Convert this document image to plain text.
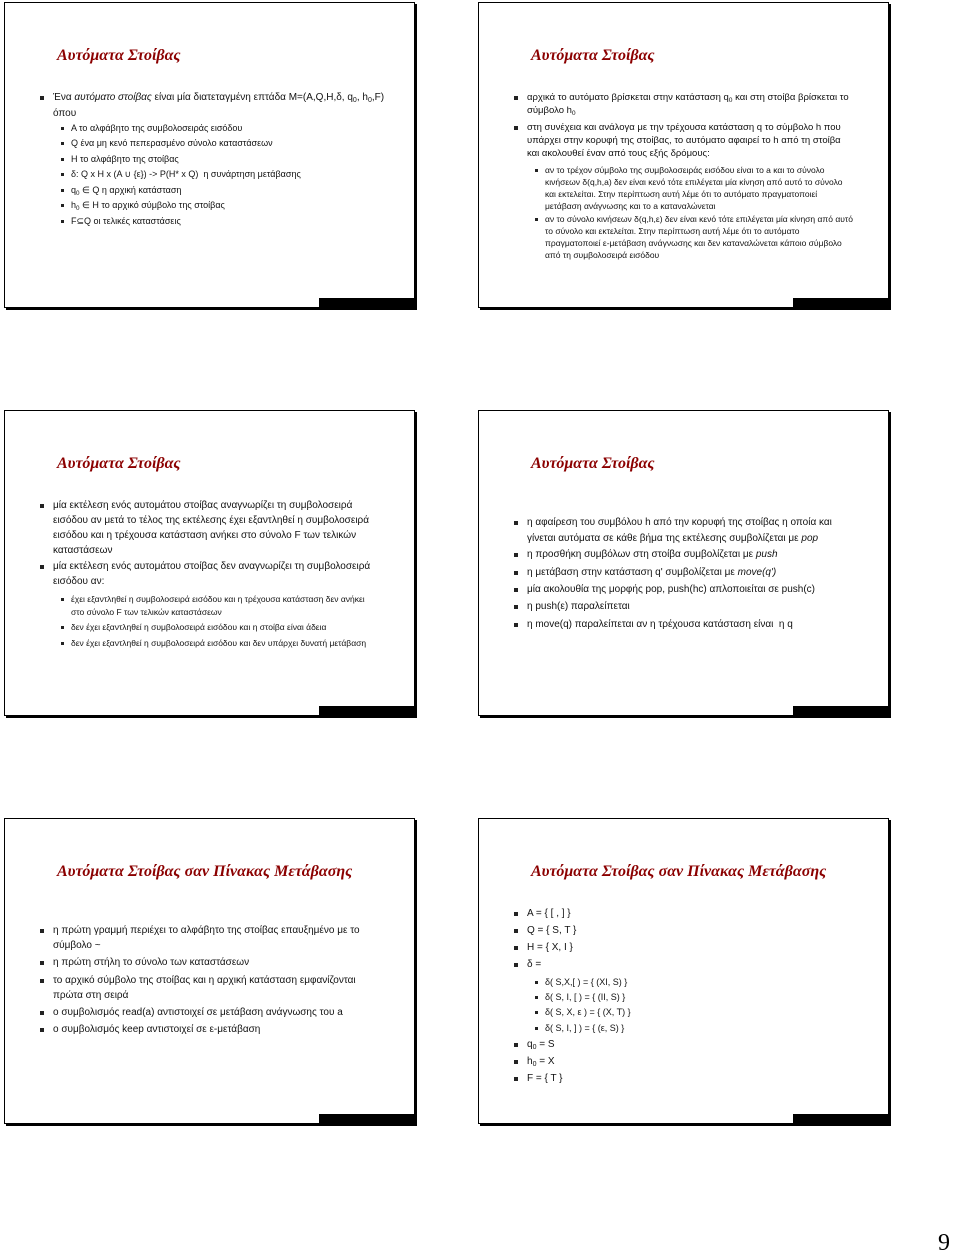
Αυτόματα Στοίβας
Ένα αυτόματο στοίβας είναι μία διατεταγμένη επτάδα M=(A,Q,H,δ, $q_0$, $h_0,F$) όπου
A το αλφάβητο της συμβολοσειράς εισόδου
Q ένα μη κενό πεπερασμένο σύνολο καταστάσεων
H το αλφάβητο της στοίβας
δ: Q x H x (A ∪ {ε}) -> P(H* x Q)  η συνάρτηση μετάβασης
$q_0$ ∈ Q η αρχική κατάσταση
$h_0$ ∈ H το αρχικό σύμβολο της στοίβας
F⊆Q οι τελικές καταστάσεις
Αυτόματα Στοίβας
αρχικά το αυτόματο βρίσκεται στην κατάσταση $q_0$ και στη στοίβα βρίσκεται το σύμβολο $h_0$
στη συνέχεια και ανάλογα με την τρέχουσα κατάσταση q το σύμβολο h που υπάρχει στην κορυφή της στοίβας, το αυτόματο αφαιρεί το h από τη στοίβα και ακολουθεί έναν από τους εξής δρόμους:
αν το τρέχον σύμβολο της συμβολοσειράς εισόδου είναι το a και το σύνολο κινήσεων δ(q,h,a) δεν είναι κενό τότε επιλέγεται μία κίνηση από αυτό το σύνολο και εκτελείται. Στην περίπτωση αυτή λέμε ότι το αυτόματο πραγματοποιεί μετάβαση ανάγνωσης και το a καταναλώνεται
αν το σύνολο κινήσεων δ(q,h,ε) δεν είναι κενό τότε επιλέγεται μία κίνηση από αυτό το σύνολο και εκτελείται. Στην περίπτωση αυτή λέμε ότι το αυτόματο πραγματοποιεί ε-μετάβαση ανάγνωσης και δεν καταναλώνεται κάποιο σύμβολο από τη συμβολοσειρά εισόδου
Αυτόματα Στοίβας
μία εκτέλεση ενός αυτομάτου στοίβας αναγνωρίζει τη συμβολοσειρά εισόδου αν μετά το τέλος της εκτέλεσης έχει εξαντληθεί η συμβολοσειρά εισόδου και η τρέχουσα κατάσταση ανήκει στο σύνολο F των τελικών καταστάσεων
μία εκτέλεση ενός αυτομάτου στοίβας δεν αναγνωρίζει τη συμβολοσειρά εισόδου αν:
έχει εξαντληθεί η συμβολοσειρά εισόδου και η τρέχουσα κατάσταση δεν ανήκει στο σύνολο F των τελικών καταστάσεων
δεν έχει εξαντληθεί η συμβολοσειρά εισόδου και η στοίβα είναι άδεια
δεν έχει εξαντληθεί η συμβολοσειρά εισόδου και δεν υπάρχει δυνατή μετάβαση
Αυτόματα Στοίβας
η αφαίρεση του συμβόλου h από την κορυφή της στοίβας η οποία και γίνεται αυτόματα σε κάθε βήμα της εκτέλεσης συμβολίζεται με pop
η προσθήκη συμβόλων στη στοίβα συμβολίζεται με push
η μετάβαση στην κατάσταση q' συμβολίζεται με move(q')
μία ακολουθία της μορφής pop, push(hc) απλοποιείται σε push(c)
η push(ε) παραλείπεται
η move(q) παραλείπεται αν η τρέχουσα κατάσταση είναι  η q
Αυτόματα Στοίβας σαν Πίνακας Μετάβασης
η πρώτη γραμμή περιέχει το αλφάβητο της στοίβας επαυξημένο με το σύμβολο ~
η πρώτη στήλη το σύνολο των καταστάσεων
το αρχικό σύμβολο της στοίβας και η αρχική κατάσταση εμφανίζονται πρώτα στη σειρά
ο συμβολισμός read(a) αντιστοιχεί σε μετάβαση ανάγνωσης του a
ο συμβολισμός keep αντιστοιχεί σε ε-μετάβαση
Αυτόματα Στοίβας σαν Πίνακας Μετάβασης
A = { [ , ] }
Q = { S, T }
H = { X, I }
δ =
δ( S,X,[ ) = { (XI, S) }
δ( S, I, [ ) = { (II, S) }
δ( S, X, ε ) = { (X, T) }
δ( S, I, ] ) = { (ε, S) }
$q_0 = S$
$h_0 = X$
F = { T }
9
